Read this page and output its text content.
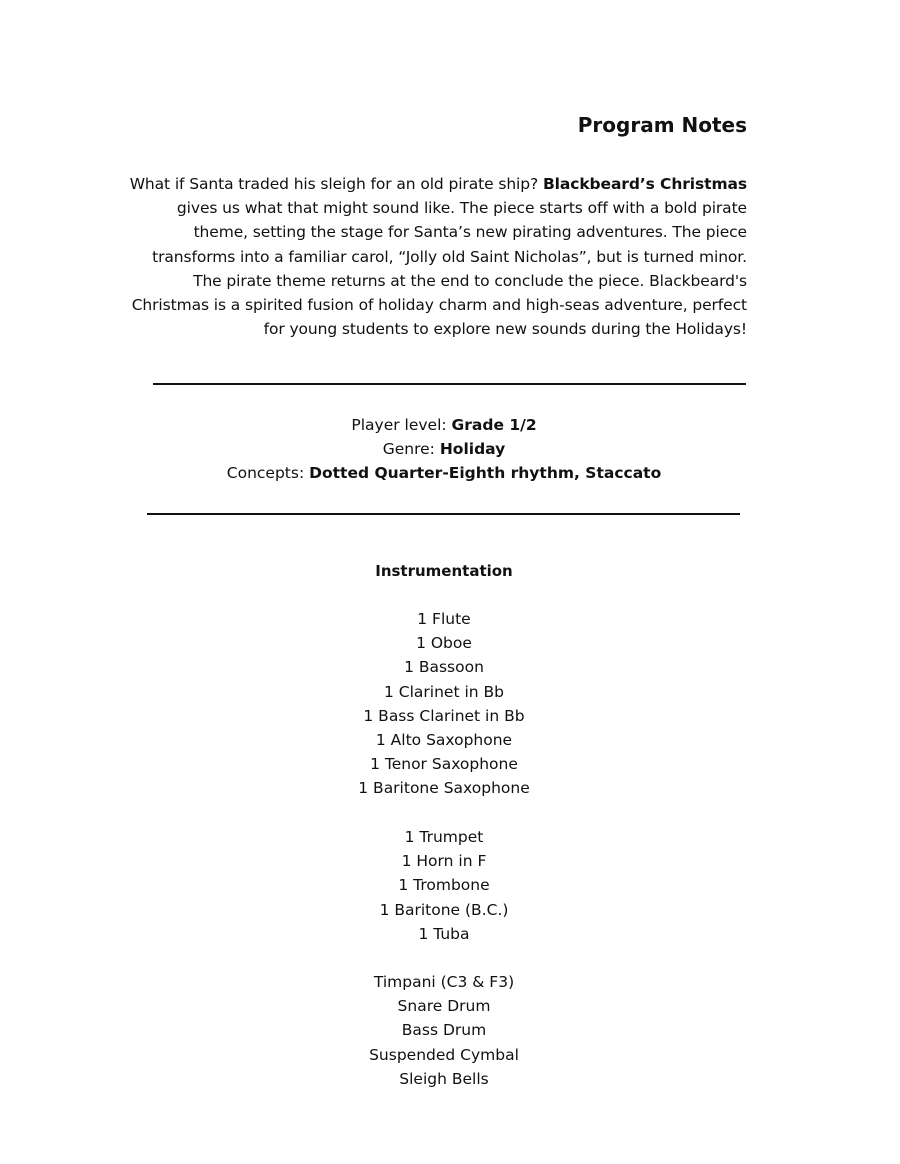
Program Notes

What if Santa traded his sleigh for an old pirate ship? Blackbeard’s Christmas
gives us what that might sound like. The piece starts off with a bold pirate
theme, setting the stage for Santa’s new pirating adventures. The piece
transforms into a familiar carol, “Jolly old Saint Nicholas”, but is turned minor.
The pirate theme returns at the end to conclude the piece. Blackbeard's
Christmas is a spirited fusion of holiday charm and high-seas adventure, perfect
for young students to explore new sounds during the Holidays!

Player level: Grade 1/2
Genre: Holiday
Concepts: Dotted Quarter-Eighth rhythm, Staccato
Instrumentation
1 Flute
1 Oboe
1 Bassoon
1 Clarinet in Bb
1 Bass Clarinet in Bb
1 Alto Saxophone
1 Tenor Saxophone
1 Baritone Saxophone
1 Trumpet
1 Horn in F
1 Trombone
1 Baritone (B.C.)
1 Tuba
Timpani (C3 & F3)
Snare Drum
Bass Drum
Suspended Cymbal
Sleigh Bells
